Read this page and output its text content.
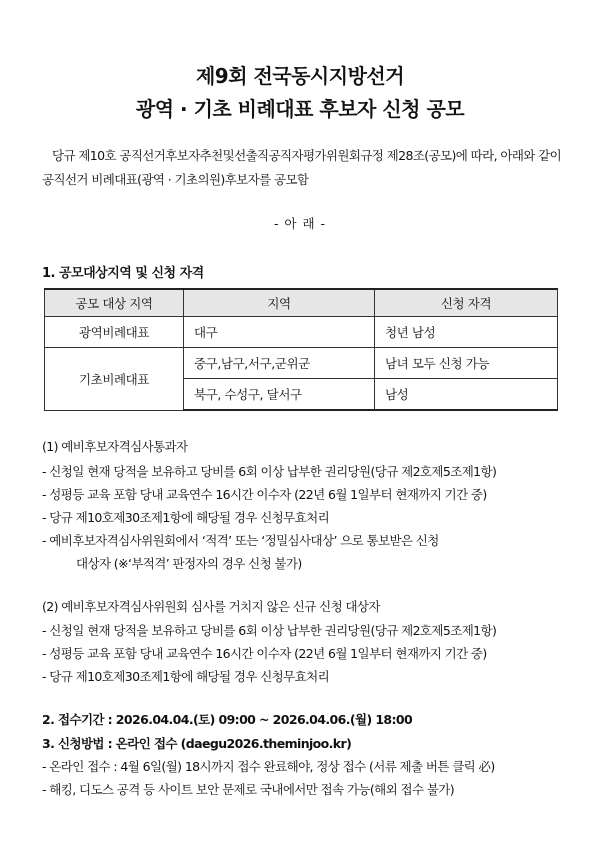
제9회 전국동시지방선거
광역 · 기초 비례대표 후보자 신청 공모
당규 제10호 공직선거후보자추천및선출직공직자평가위원회규정 제28조(공모)에 따라, 아래와 같이 공직선거 비례대표(광역 · 기초의원)후보자를 공모함
- 아 래 -
1. 공모대상지역 및 신청 자격
공모 대상 지역	지역	신청 자격
광역비례대표	대구	청년 남성
기초비례대표	중구,남구,서구,군위군	남녀 모두 신청 가능
	북구, 수성구, 달서구	남성
(1) 예비후보자격심사통과자
- 신청일 현재 당적을 보유하고 당비를 6회 이상 납부한 권리당원(당규 제2호제5조제1항)
- 성평등 교육 포함 당내 교육연수 16시간 이수자 (22년 6월 1일부터 현재까지 기간 중)
- 당규 제10호제30조제1항에 해당될 경우 신청무효처리
- 예비후보자격심사위원회에서 ‘적격’ 또는 ‘정밀심사대상’ 으로 통보받은 신청
대상자 (※‘부적격’ 판정자의 경우 신청 불가)
(2) 예비후보자격심사위원회 심사를 거치지 않은 신규 신청 대상자
- 신청일 현재 당적을 보유하고 당비를 6회 이상 납부한 권리당원(당규 제2호제5조제1항)
- 성평등 교육 포함 당내 교육연수 16시간 이수자 (22년 6월 1일부터 현재까지 기간 중)
- 당규 제10호제30조제1항에 해당될 경우 신청무효처리
2. 접수기간 : 2026.04.04.(토) 09:00 ~ 2026.04.06.(월) 18:00
3. 신청방법 : 온라인 접수 (daegu2026.theminjoo.kr)
- 온라인 접수 : 4월 6일(월) 18시까지 접수 완료해야, 정상 접수 (서류 제출 버튼 클릭 必)
- 해킹, 디도스 공격 등 사이트 보안 문제로 국내에서만 접속 가능(해외 접수 불가)
